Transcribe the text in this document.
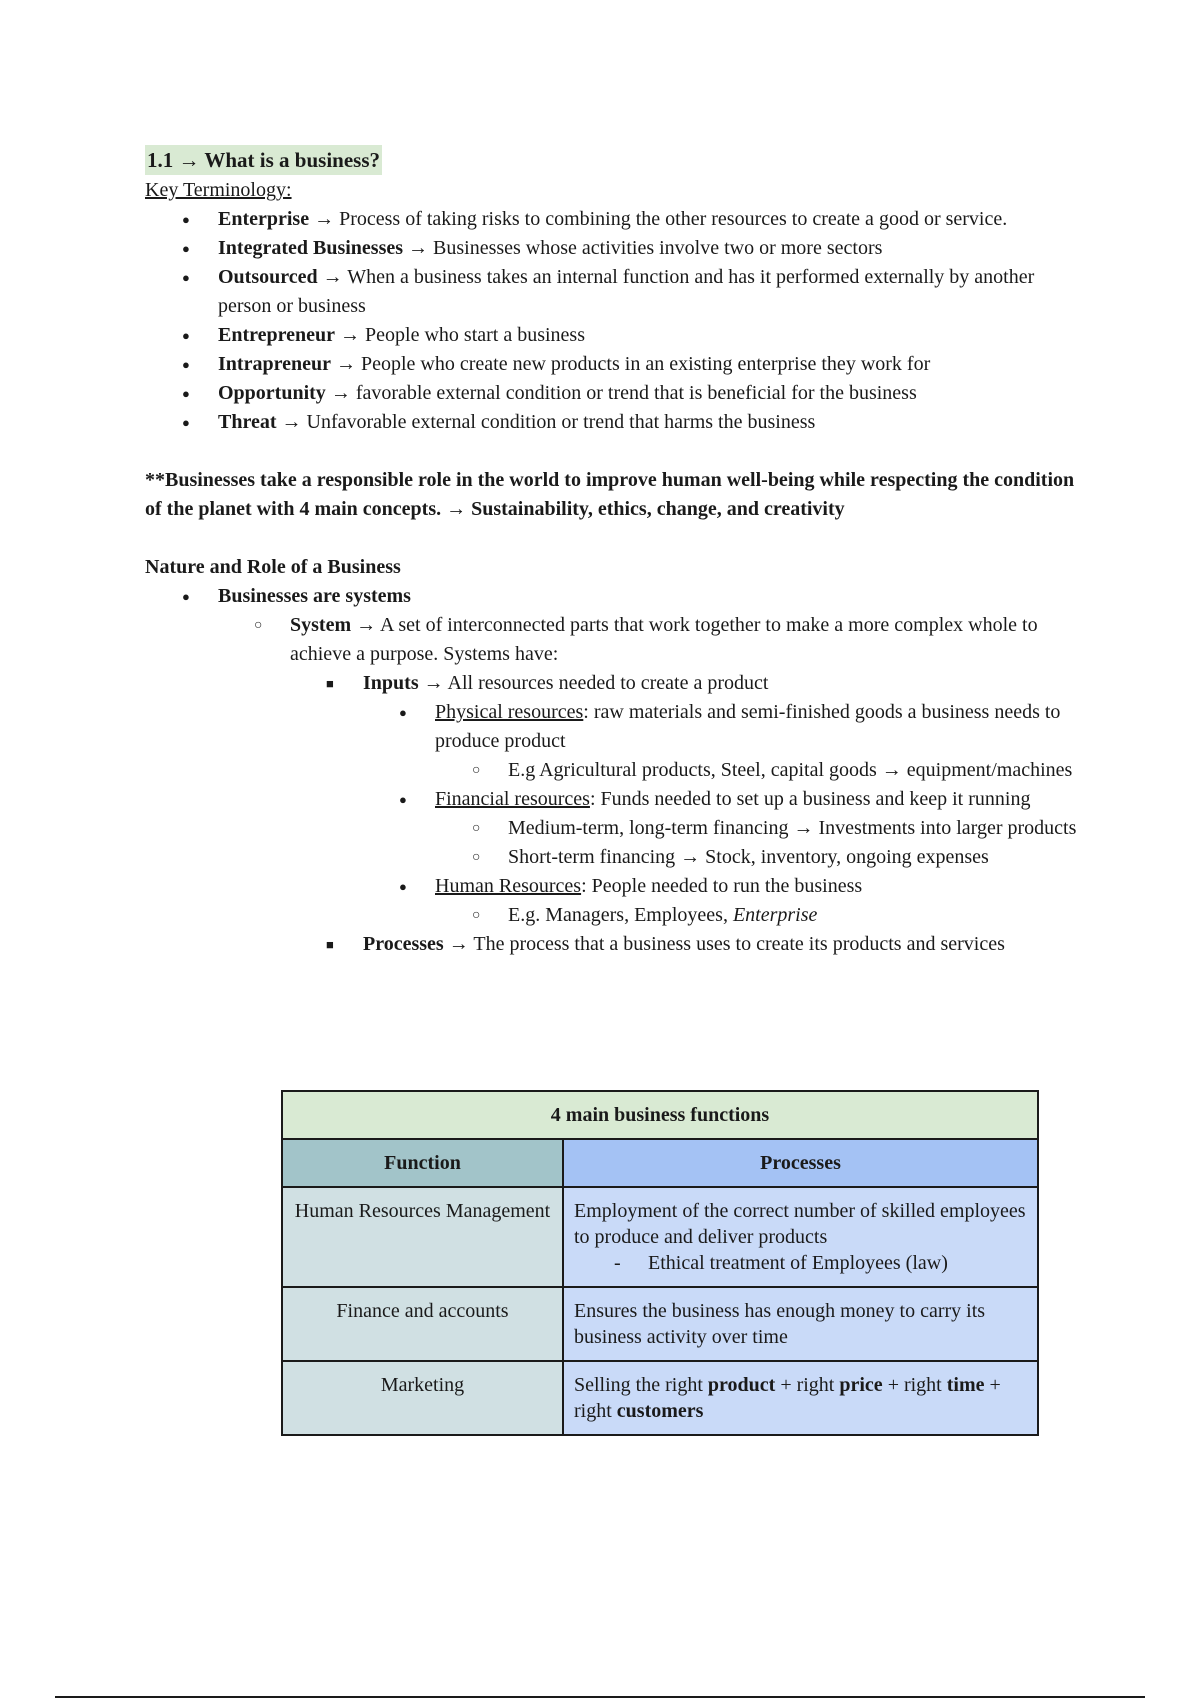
1.1 → What is a business?
Key Terminology:
● Enterprise → Process of taking risks to combining the other resources to create a good or service.
● Integrated Businesses → Businesses whose activities involve two or more sectors
● Outsourced → When a business takes an internal function and has it performed externally by another person or business
● Entrepreneur → People who start a business
● Intrapreneur → People who create new products in an existing enterprise they work for
● Opportunity → favorable external condition or trend that is beneficial for the business
● Threat → Unfavorable external condition or trend that harms the business
**Businesses take a responsible role in the world to improve human well-being while respecting the condition of the planet with 4 main concepts. → Sustainability, ethics, change, and creativity
Nature and Role of a Business
● Businesses are systems
○ System → A set of interconnected parts that work together to make a more complex whole to achieve a purpose. Systems have:
■ Inputs → All resources needed to create a product
● Physical resources: raw materials and semi-finished goods a business needs to produce product
○ E.g Agricultural products, Steel, capital goods → equipment/machines
● Financial resources: Funds needed to set up a business and keep it running
○ Medium-term, long-term financing → Investments into larger products
○ Short-term financing → Stock, inventory, ongoing expenses
● Human Resources: People needed to run the business
○ E.g. Managers, Employees, Enterprise
■ Processes → The process that a business uses to create its products and services
4 main business functions	
Function	Processes
Human Resources Management	Employment of the correct number of skilled employees to produce and deliver products
- Ethical treatment of Employees (law)

Finance and accounts	Ensures the business has enough money to carry its business activity over time
Marketing	Selling the right product + right price + right time + right customers
